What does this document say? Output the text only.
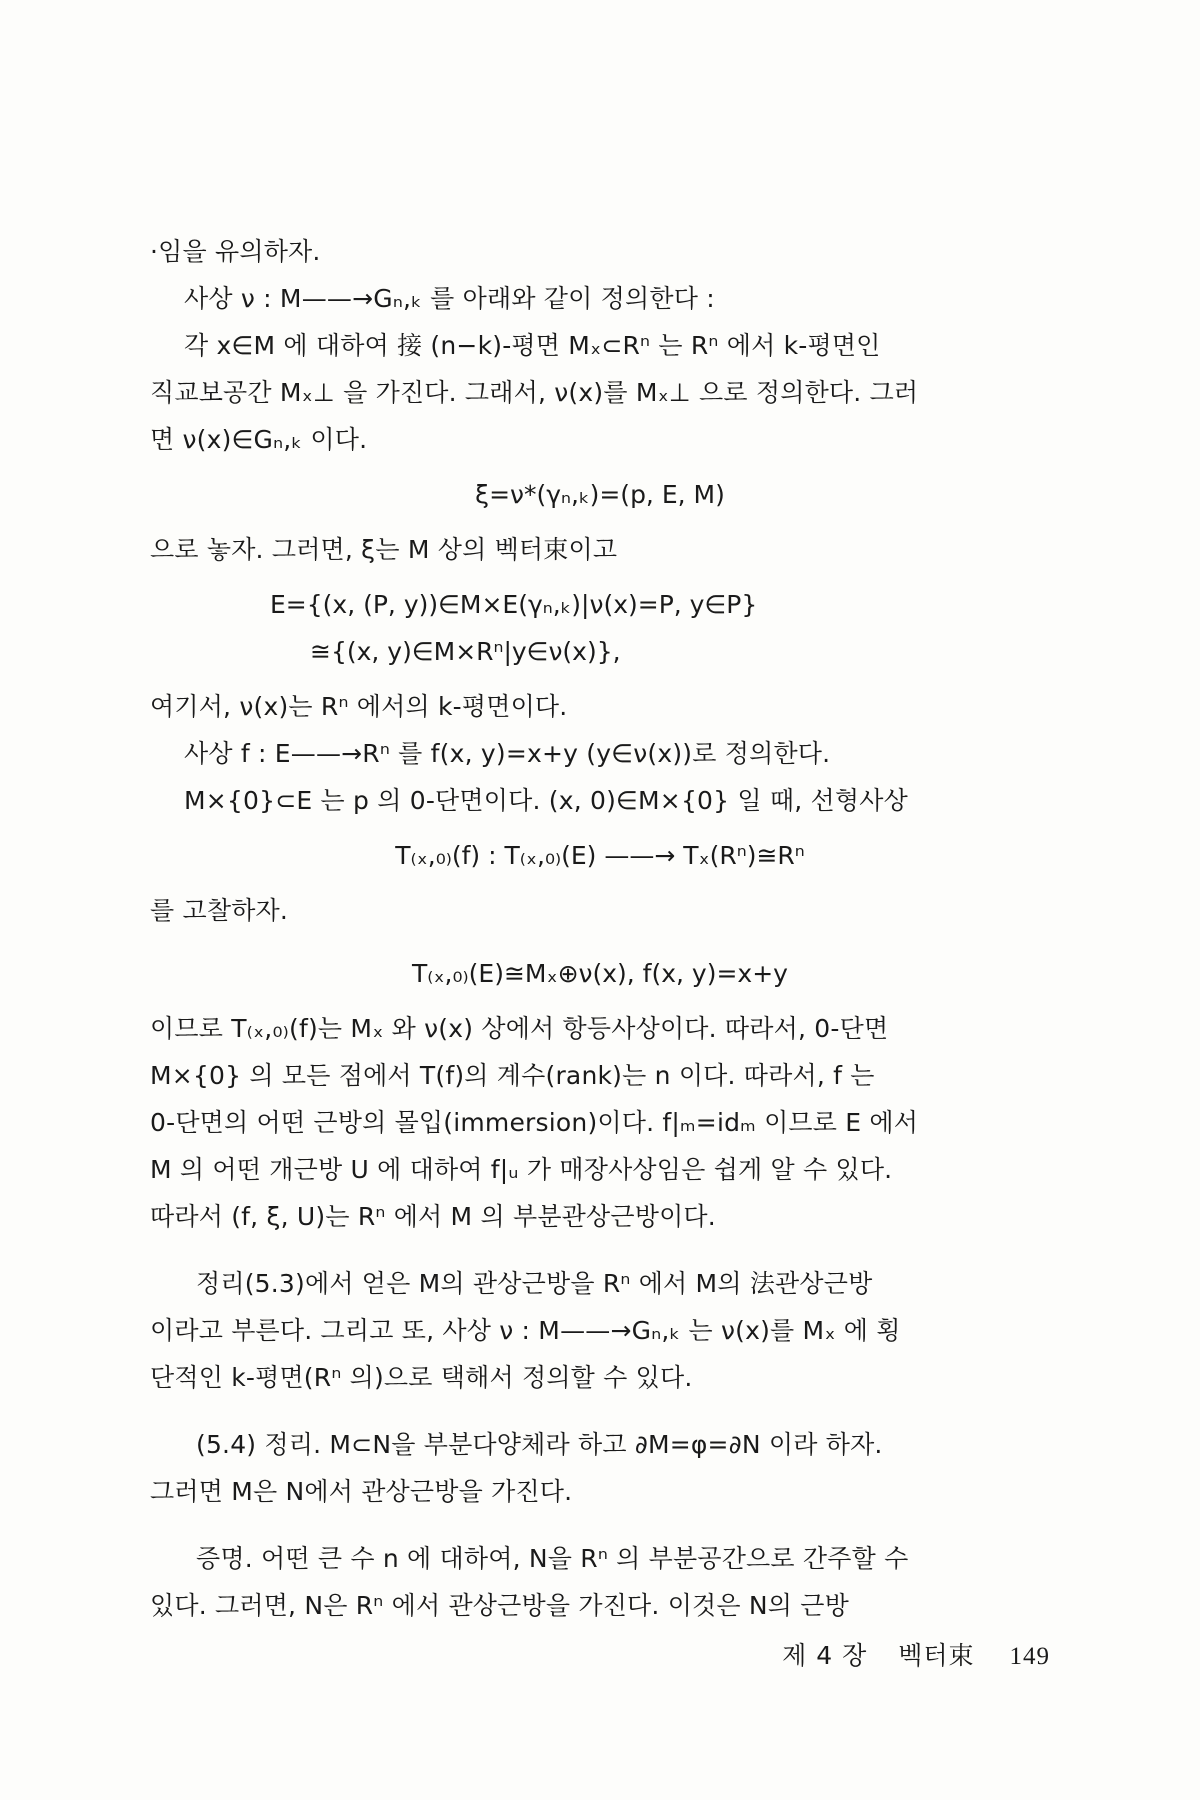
·임을 유의하자.
사상 ν : M——→Gₙ,ₖ 를 아래와 같이 정의한다 :
각 x∈M 에 대하여 接 (n−k)-평면 Mₓ⊂Rⁿ 는 Rⁿ 에서 k-평면인
직교보공간 Mₓ⊥ 을 가진다. 그래서, ν(x)를 Mₓ⊥ 으로 정의한다. 그러
면 ν(x)∈Gₙ,ₖ 이다.
ξ=ν*(γₙ,ₖ)=(p, E, M)
으로 놓자. 그러면, ξ는 M 상의 벡터束이고
E={(x, (P, y))∈M×E(γₙ,ₖ)|ν(x)=P, y∈P}
≅{(x, y)∈M×Rⁿ|y∈ν(x)},
여기서, ν(x)는 Rⁿ 에서의 k-평면이다.
사상 f : E——→Rⁿ 를 f(x, y)=x+y (y∈ν(x))로 정의한다.
M×{0}⊂E 는 p 의 0-단면이다. (x, 0)∈M×{0} 일 때, 선형사상
T₍ₓ,₀₎(f) : T₍ₓ,₀₎(E) ——→ Tₓ(Rⁿ)≅Rⁿ
를 고찰하자.
T₍ₓ,₀₎(E)≅Mₓ⊕ν(x), f(x, y)=x+y
이므로 T₍ₓ,₀₎(f)는 Mₓ 와 ν(x) 상에서 항등사상이다. 따라서, 0-단면
M×{0} 의 모든 점에서 T(f)의 계수(rank)는 n 이다. 따라서, f 는
0-단면의 어떤 근방의 몰입(immersion)이다. f|ₘ=idₘ 이므로 E 에서
M 의 어떤 개근방 U 에 대하여 f|ᵤ 가 매장사상임은 쉽게 알 수 있다.
따라서 (f, ξ, U)는 Rⁿ 에서 M 의 부분관상근방이다.
정리(5.3)에서 얻은 M의 관상근방을 Rⁿ 에서 M의 法관상근방
이라고 부른다. 그리고 또, 사상 ν : M——→Gₙ,ₖ 는 ν(x)를 Mₓ 에 횡
단적인 k-평면(Rⁿ 의)으로 택해서 정의할 수 있다.
(5.4) 정리. M⊂N을 부분다양체라 하고 ∂M=φ=∂N 이라 하자.
그러면 M은 N에서 관상근방을 가진다.
증명. 어떤 큰 수 n 에 대하여, N을 Rⁿ 의 부분공간으로 간주할 수
있다. 그러면, N은 Rⁿ 에서 관상근방을 가진다. 이것은 N의 근방
제 4 장 벡터束 149
